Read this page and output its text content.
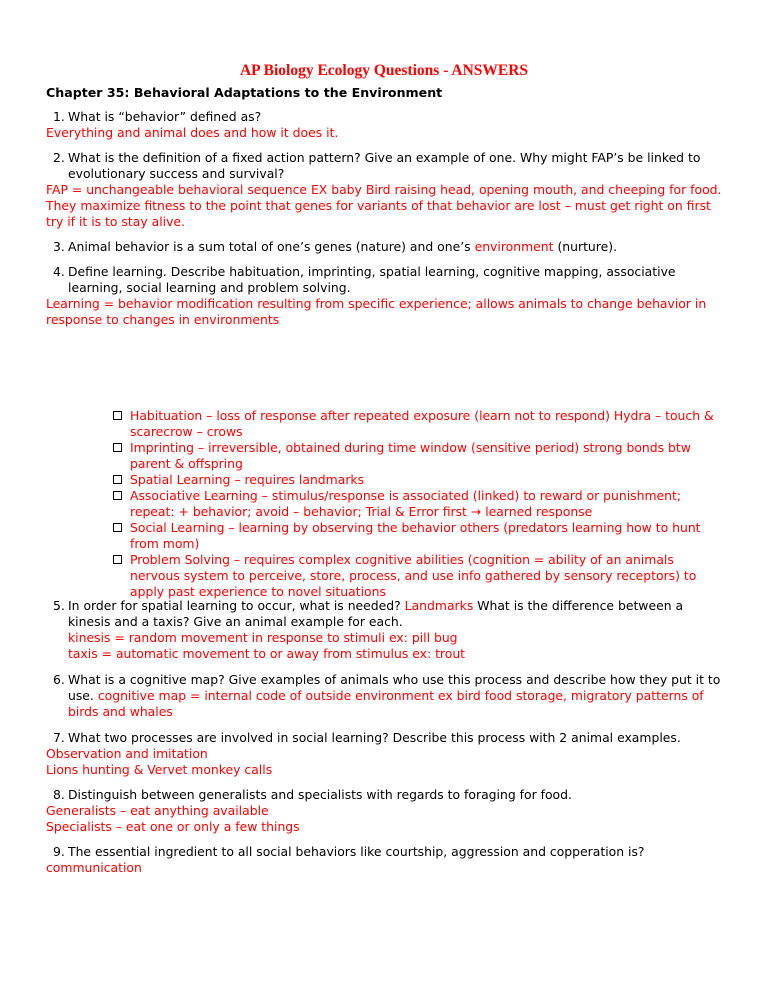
AP Biology Ecology Questions - ANSWERS
Chapter 35: Behavioral Adaptations to the Environment
1. What is “behavior” defined as?
Everything and animal does and how it does it.
2. What is the definition of a fixed action pattern? Give an example of one. Why might FAP’s be linked to evolutionary success and survival?
FAP = unchangeable behavioral sequence EX baby Bird raising head, opening mouth, and cheeping for food.
They maximize fitness to the point that genes for variants of that behavior are lost – must get right on first try if it is to stay alive.
3. Animal behavior is a sum total of one’s genes (nature) and one’s environment (nurture).
4. Define learning. Describe habituation, imprinting, spatial learning, cognitive mapping, associative learning, social learning and problem solving.
Learning = behavior modification resulting from specific experience; allows animals to change behavior in response to changes in environments
Habituation – loss of response after repeated exposure (learn not to respond) Hydra – touch & scarecrow – crows
Imprinting – irreversible, obtained during time window (sensitive period) strong bonds btw parent & offspring
Spatial Learning – requires landmarks
Associative Learning – stimulus/response is associated (linked) to reward or punishment; repeat: + behavior; avoid – behavior; Trial & Error first → learned response
Social Learning – learning by observing the behavior others (predators learning how to hunt from mom)
Problem Solving – requires complex cognitive abilities (cognition = ability of an animals nervous system to perceive, store, process, and use info gathered by sensory receptors) to apply past experience to novel situations
5. In order for spatial learning to occur, what is needed? Landmarks What is the difference between a kinesis and a taxis? Give an animal example for each.
kinesis = random movement in response to stimuli ex: pill bug
taxis = automatic movement to or away from stimulus ex: trout
6. What is a cognitive map? Give examples of animals who use this process and describe how they put it to use. cognitive map = internal code of outside environment ex bird food storage, migratory patterns of birds and whales
7. What two processes are involved in social learning? Describe this process with 2 animal examples.
Observation and imitation
Lions hunting & Vervet monkey calls
8. Distinguish between generalists and specialists with regards to foraging for food.
Generalists – eat anything available
Specialists – eat one or only a few things
9. The essential ingredient to all social behaviors like courtship, aggression and copperation is?
communication
